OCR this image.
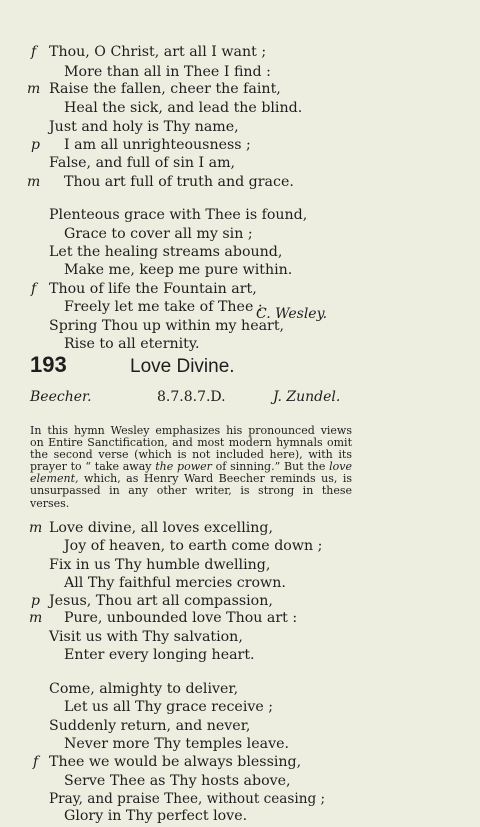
f Thou, O Christ, art all I want ;
More than all in Thee I find :
m Raise the fallen, cheer the faint,
Heal the sick, and lead the blind.
Just and holy is Thy name,
p	I am all unrighteousness ;
False, and full of sin I am,
m	Thou art full of truth and grace.
Plenteous grace with Thee is found,
Grace to cover all my sin ;
Let the healing streams abound,
Make me, keep me pure within.
f Thou of life the Fountain art,
Freely let me take of Thee :
Spring Thou up within my heart,
Rise to all eternity.
C. Wesley.
193	Love Divine.
Beecher.	8.7.8.7.D.	J. Zundel.
In this hymn Wesley emphasizes his pronounced views on Entire Sanctification, and most modern hymnals omit the second verse (which is not included here), with its prayer to “ take away the power of sinning.” But the love element, which, as Henry Ward Beecher reminds us, is unsurpassed in any other writer, is strong in these verses.
m Love divine, all loves excelling,
Joy of heaven, to earth come down ;
Fix in us Thy humble dwelling,
All Thy faithful mercies crown.
p Jesus, Thou art all compassion,
m	Pure, unbounded love Thou art :
Visit us with Thy salvation,
Enter every longing heart.
Come, almighty to deliver,
Let us all Thy grace receive ;
Suddenly return, and never,
Never more Thy temples leave.
f Thee we would be always blessing,
Serve Thee as Thy hosts above,
Pray, and praise Thee, without ceasing ;
Glory in Thy perfect love.
